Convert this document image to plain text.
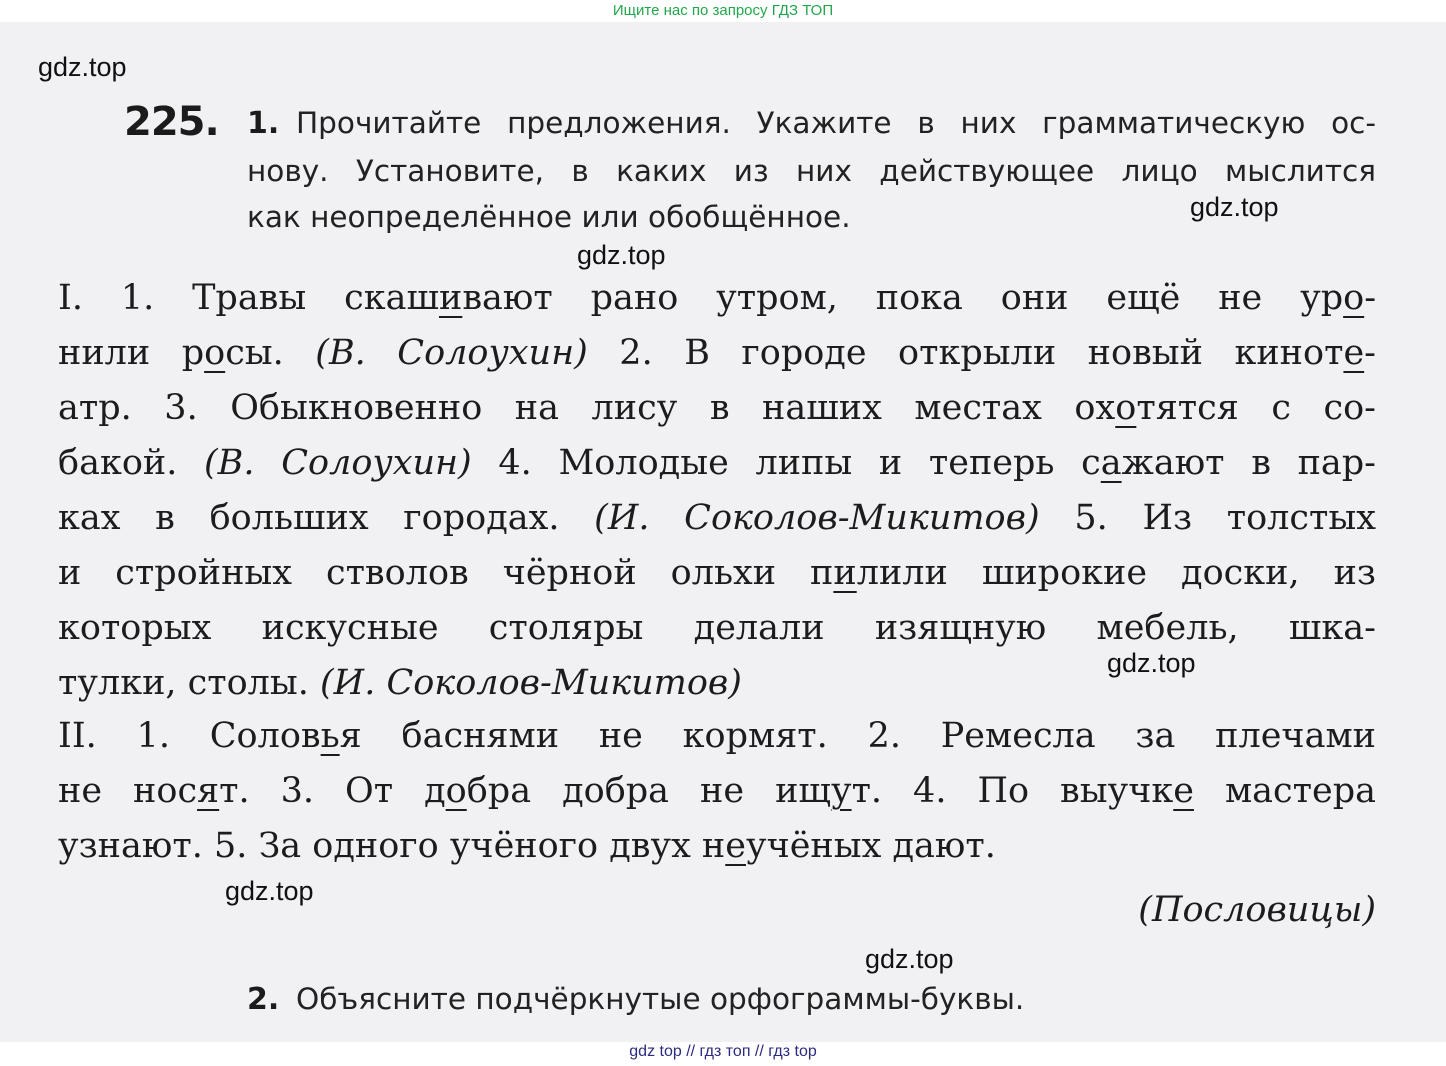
Ищите нас по запросу ГДЗ ТОП
gdz.top
gdz.top
gdz.top
gdz.top
gdz.top
gdz.top
225. 1. Прочитайте предложения. Укажите в них грамматическую ос-
нову. Установите, в каких из них действующее лицо мыслится
как неопределённое или обобщённое.
I. 1. Травы скашивают рано утром, пока они ещё не уро-
нили росы. (В. Солоухин) 2. В городе открыли новый киноте-
атр. 3. Обыкновенно на лису в наших местах охотятся с со-
бакой. (В. Солоухин) 4. Молодые липы и теперь сажают в пар-
ках в больших городах. (И. Соколов-Микитов) 5. Из толстых
и стройных стволов чёрной ольхи пилили широкие доски, из
которых искусные столяры делали изящную мебель, шка-
тулки, столы. (И. Соколов-Микитов)
II. 1. Соловья баснями не кормят. 2. Ремесла за плечами
не носят. 3. От добра добра не ищут. 4. По выучке мастера
узнают. 5. За одного учёного двух неучёных дают.
(Пословицы)
2. Объясните подчёркнутые орфограммы-буквы.
gdz top // гдз топ // гдз top
